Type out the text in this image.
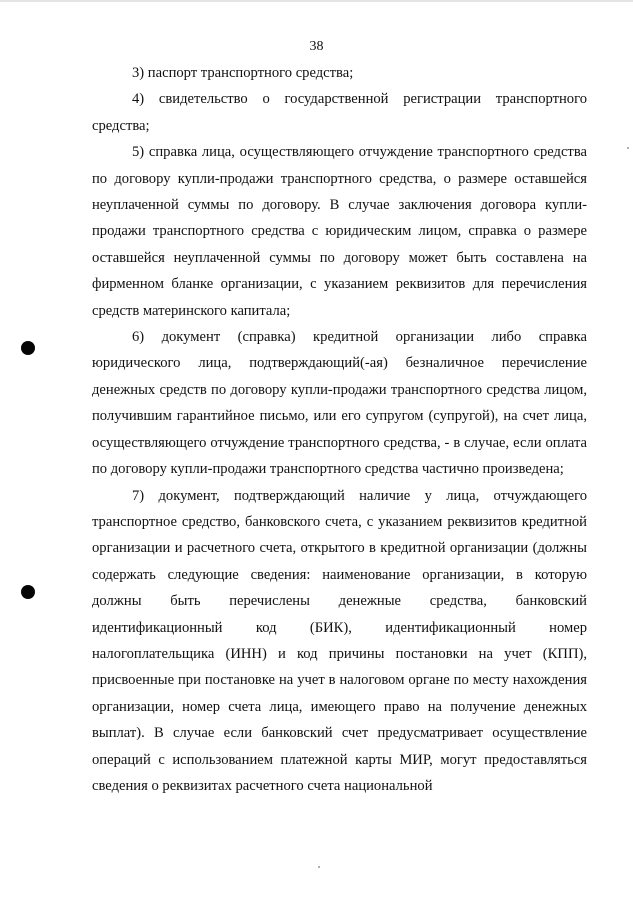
38

3) паспорт транспортного средства;

4) свидетельство о государственной регистрации транспортного средства;

5) справка лица, осуществляющего отчуждение транспортного средства по договору купли-продажи транспортного средства, о размере оставшейся неуплаченной суммы по договору. В случае заключения договора купли-продажи транспортного средства с юридическим лицом, справка о размере оставшейся неуплаченной суммы по договору может быть составлена на фирменном бланке организации, с указанием реквизитов для перечисления средств материнского капитала;

6) документ (справка) кредитной организации либо справка юридического лица, подтверждающий(-ая) безналичное перечисление денежных средств по договору купли-продажи транспортного средства лицом, получившим гарантийное письмо, или его супругом (супругой), на счет лица, осуществляющего отчуждение транспортного средства, - в случае, если оплата по договору купли-продажи транспортного средства частично произведена;

7) документ, подтверждающий наличие у лица, отчуждающего транспортное средство, банковского счета, с указанием реквизитов кредитной организации и расчетного счета, открытого в кредитной организации (должны содержать следующие сведения: наименование организации, в которую должны быть перечислены денежные средства, банковский идентификационный код (БИК), идентификационный номер налогоплательщика (ИНН) и код причины постановки на учет (КПП), присвоенные при постановке на учет в налоговом органе по месту нахождения организации, номер счета лица, имеющего право на получение денежных выплат). В случае если банковский счет предусматривает осуществление операций с использованием платежной карты МИР, могут предоставляться сведения о реквизитах расчетного счета национальной
